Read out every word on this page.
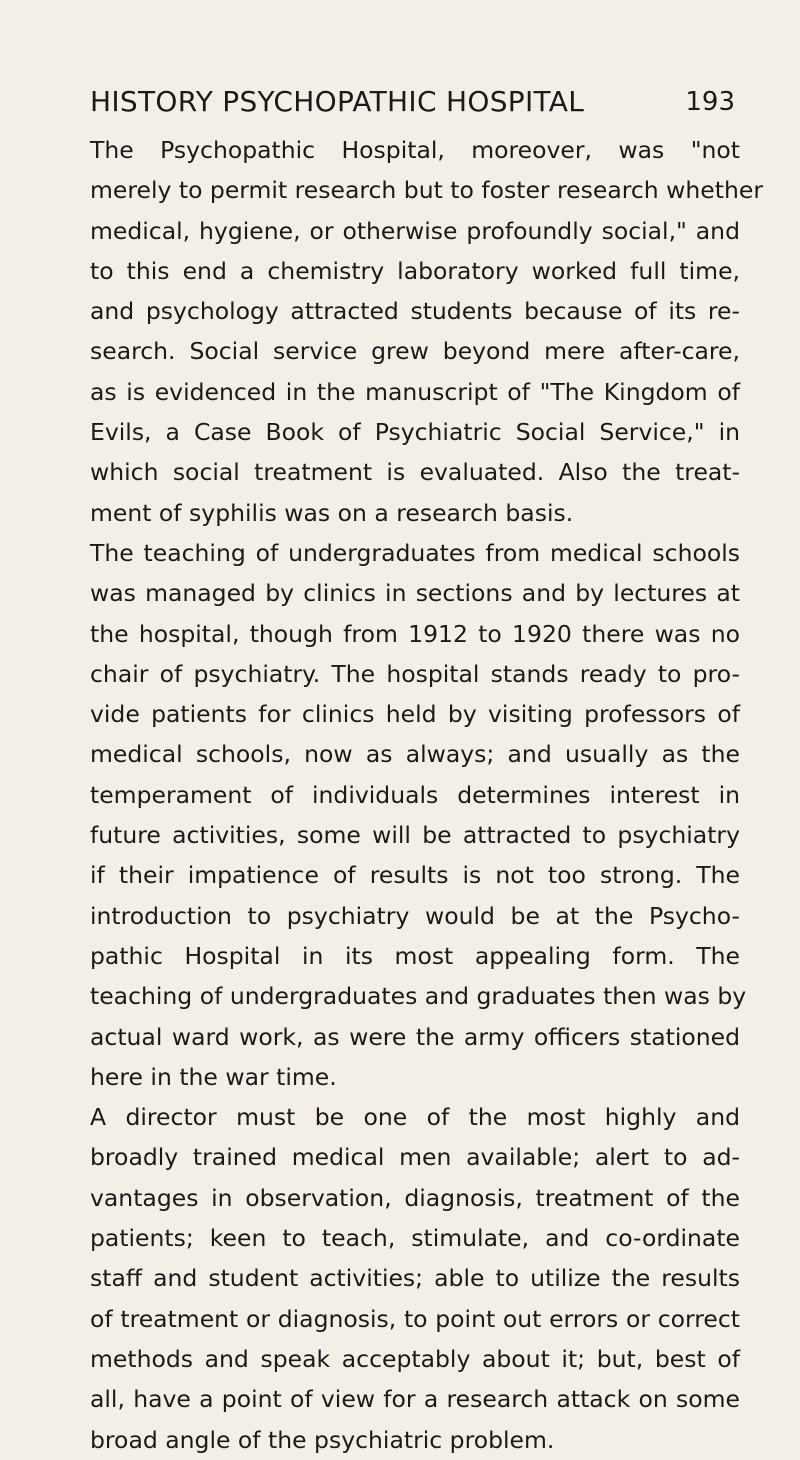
HISTORY PSYCHOPATHIC HOSPITAL	193
The Psychopathic Hospital, moreover, was "not
merely to permit research but to foster research whether
medical, hygiene, or otherwise profoundly social," and
to this end a chemistry laboratory worked full time,
and psychology attracted students because of its re-
search. Social service grew beyond mere after-care,
as is evidenced in the manuscript of "The Kingdom of
Evils, a Case Book of Psychiatric Social Service," in
which social treatment is evaluated. Also the treat-
ment of syphilis was on a research basis.
The teaching of undergraduates from medical schools
was managed by clinics in sections and by lectures at
the hospital, though from 1912 to 1920 there was no
chair of psychiatry. The hospital stands ready to pro-
vide patients for clinics held by visiting professors of
medical schools, now as always; and usually as the
temperament of individuals determines interest in
future activities, some will be attracted to psychiatry
if their impatience of results is not too strong. The
introduction to psychiatry would be at the Psycho-
pathic Hospital in its most appealing form. The
teaching of undergraduates and graduates then was by
actual ward work, as were the army officers stationed
here in the war time.
A director must be one of the most highly and
broadly trained medical men available; alert to ad-
vantages in observation, diagnosis, treatment of the
patients; keen to teach, stimulate, and co-ordinate
staff and student activities; able to utilize the results
of treatment or diagnosis, to point out errors or correct
methods and speak acceptably about it; but, best of
all, have a point of view for a research attack on some
broad angle of the psychiatric problem.
